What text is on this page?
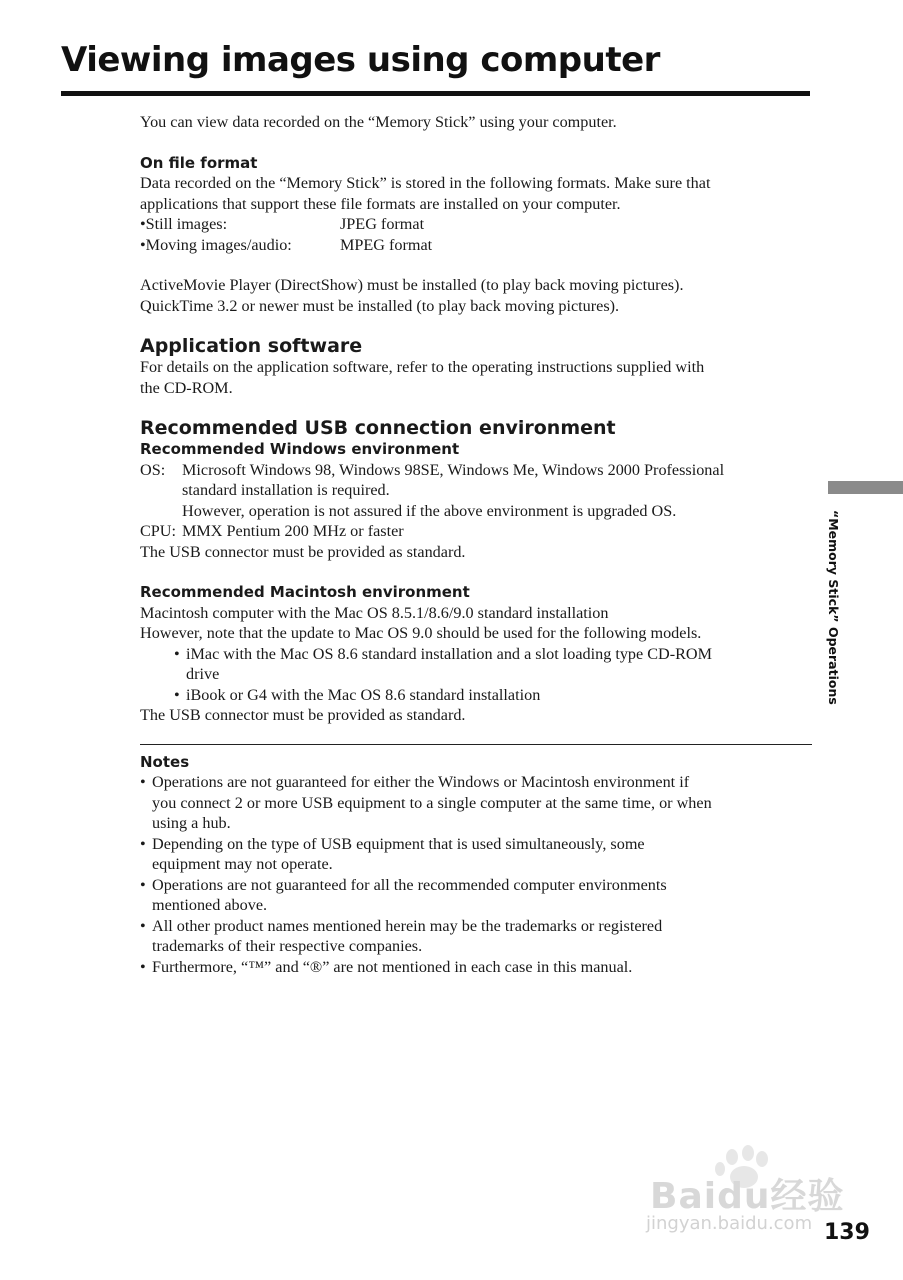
Viewing images using computer

You can view data recorded on the “Memory Stick” using your computer.

On file format

Data recorded on the “Memory Stick” is stored in the following formats. Make sure that

applications that support these file formats are installed on your computer.

•Still images:	JPEG format
•Moving images/audio:	MPEG format

ActiveMovie Player (DirectShow) must be installed (to play back moving pictures).

QuickTime 3.2 or newer must be installed (to play back moving pictures).

Application software

For details on the application software, refer to the operating instructions supplied with

the CD-ROM.

Recommended USB connection environment
Recommended Windows environment
OS:	Microsoft Windows 98, Windows 98SE, Windows Me, Windows 2000 Professional

standard installation is required.

However, operation is not assured if the above environment is upgraded OS.

CPU: MMX Pentium 200 MHz or faster

The USB connector must be provided as standard.

Recommended Macintosh environment

Macintosh computer with the Mac OS 8.5.1/8.6/9.0 standard installation

However, note that the update to Mac OS 9.0 should be used for the following models.

• iMac with the Mac OS 8.6 standard installation and a slot loading type CD-ROM
drive
• iBook or G4 with the Mac OS 8.6 standard installation

The USB connector must be provided as standard.

Notes
• Operations are not guaranteed for either the Windows or Macintosh environment if
you connect 2 or more USB equipment to a single computer at the same time, or when
using a hub.
• Depending on the type of USB equipment that is used simultaneously, some
equipment may not operate.
• Operations are not guaranteed for all the recommended computer environments
mentioned above.
• All other product names mentioned herein may be the trademarks or registered
trademarks of their respective companies.
• Furthermore, “™” and “®” are not mentioned in each case in this manual.
“Memory Stick” Operations
Baidu经验
jingyan.baidu.com 139
